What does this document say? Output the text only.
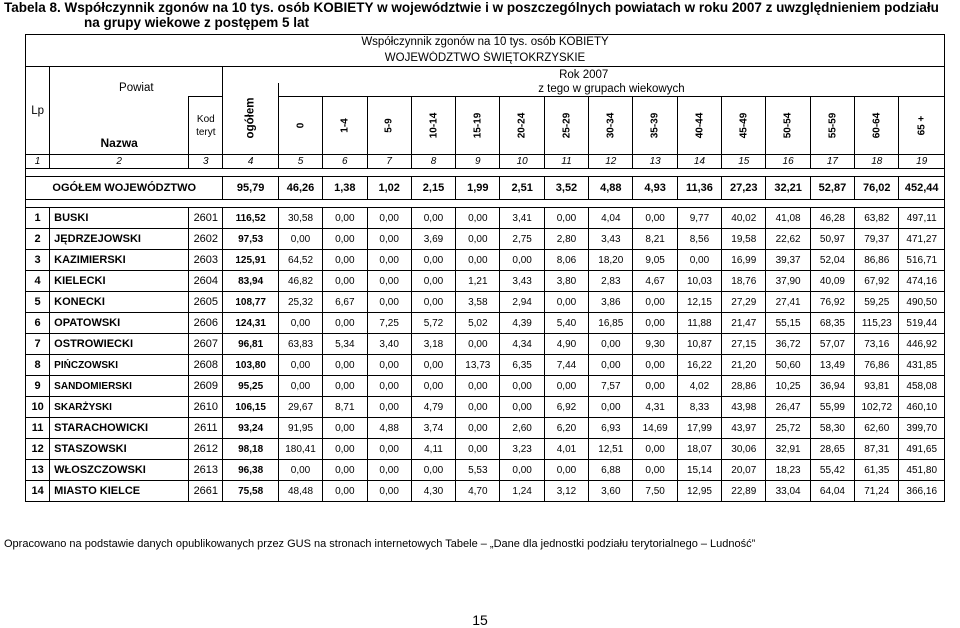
Tabela 8. Współczynnik zgonów na 10 tys. osób KOBIETY w województwie i w poszczególnych powiatach w roku 2007 z uwzględnieniem podziału
na grupy wiekowe z postępem 5 lat
Współczynnik zgonów na 10 tys. osób KOBIETY																		
WOJEWÓDZTWO ŚWIĘTOKRZYSKIE																		
Lp	Powiat		Rok 2007															
			ogółem	z tego w grupach wiekowych														
	Nazwa	Kod
teryt		0	1-4	5-9	10-14	15-19	20-24	25-29	30-34	35-39	40-44	45-49	50-54	55-59	60-64	65 +
1	2	3	4	5	6	7	8	9	10	11	12	13	14	15	16	17	18	19

OGÓŁEM WOJEWÓDZTWO			95,79	46,26	1,38	1,02	2,15	1,99	2,51	3,52	4,88	4,93	11,36	27,23	32,21	52,87	76,02	452,44

1	BUSKI	2601	116,52	30,58	0,00	0,00	0,00	0,00	3,41	0,00	4,04	0,00	9,77	40,02	41,08	46,28	63,82	497,11
2	JĘDRZEJOWSKI	2602	97,53	0,00	0,00	0,00	3,69	0,00	2,75	2,80	3,43	8,21	8,56	19,58	22,62	50,97	79,37	471,27
3	KAZIMIERSKI	2603	125,91	64,52	0,00	0,00	0,00	0,00	0,00	8,06	18,20	9,05	0,00	16,99	39,37	52,04	86,86	516,71
4	KIELECKI	2604	83,94	46,82	0,00	0,00	0,00	1,21	3,43	3,80	2,83	4,67	10,03	18,76	37,90	40,09	67,92	474,16
5	KONECKI	2605	108,77	25,32	6,67	0,00	0,00	3,58	2,94	0,00	3,86	0,00	12,15	27,29	27,41	76,92	59,25	490,50
6	OPATOWSKI	2606	124,31	0,00	0,00	7,25	5,72	5,02	4,39	5,40	16,85	0,00	11,88	21,47	55,15	68,35	115,23	519,44
7	OSTROWIECKI	2607	96,81	63,83	5,34	3,40	3,18	0,00	4,34	4,90	0,00	9,30	10,87	27,15	36,72	57,07	73,16	446,92
8	PIŃCZOWSKI	2608	103,80	0,00	0,00	0,00	0,00	13,73	6,35	7,44	0,00	0,00	16,22	21,20	50,60	13,49	76,86	431,85
9	SANDOMIERSKI	2609	95,25	0,00	0,00	0,00	0,00	0,00	0,00	0,00	7,57	0,00	4,02	28,86	10,25	36,94	93,81	458,08
10	SKARŻYSKI	2610	106,15	29,67	8,71	0,00	4,79	0,00	0,00	6,92	0,00	4,31	8,33	43,98	26,47	55,99	102,72	460,10
11	STARACHOWICKI	2611	93,24	91,95	0,00	4,88	3,74	0,00	2,60	6,20	6,93	14,69	17,99	43,97	25,72	58,30	62,60	399,70
12	STASZOWSKI	2612	98,18	180,41	0,00	0,00	4,11	0,00	3,23	4,01	12,51	0,00	18,07	30,06	32,91	28,65	87,31	491,65
13	WŁOSZCZOWSKI	2613	96,38	0,00	0,00	0,00	0,00	5,53	0,00	0,00	6,88	0,00	15,14	20,07	18,23	55,42	61,35	451,80
14	MIASTO KIELCE	2661	75,58	48,48	0,00	0,00	4,30	4,70	1,24	3,12	3,60	7,50	12,95	22,89	33,04	64,04	71,24	366,16
Opracowano na podstawie danych opublikowanych przez GUS na stronach internetowych Tabele – „Dane dla jednostki podziału terytorialnego – Ludność”
15
